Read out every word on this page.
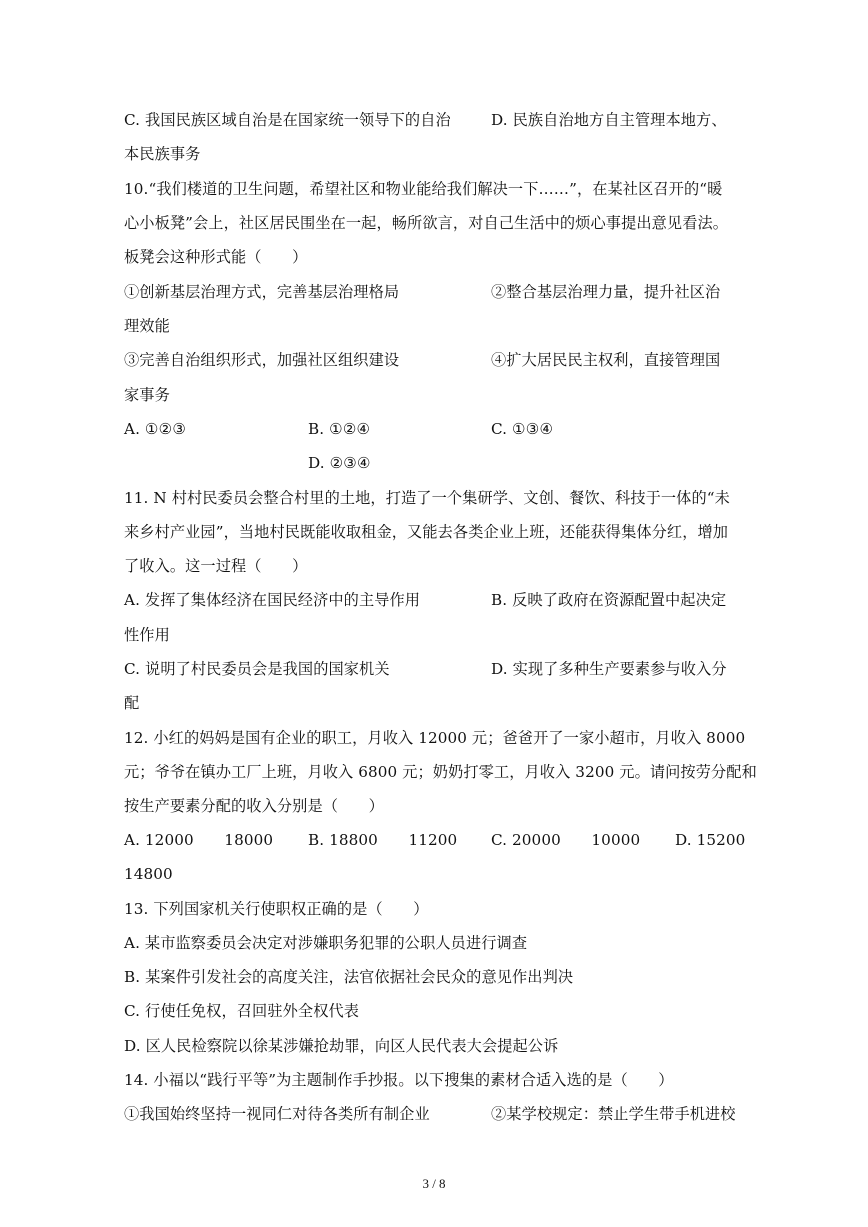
C. 我国民族区域自治是在国家统一领导下的自治	D. 民族自治地方自主管理本地方、
本民族事务
10.“我们楼道的卫生问题，希望社区和物业能给我们解决一下……”，在某社区召开的“暖
心小板凳”会上，社区居民围坐在一起，畅所欲言，对自己生活中的烦心事提出意见看法。
板凳会这种形式能（　　）
①创新基层治理方式，完善基层治理格局	②整合基层治理力量，提升社区治
理效能
③完善自治组织形式，加强社区组织建设	④扩大居民民主权利，直接管理国
家事务
A. ①②③	B. ①②④	C. ①③④
D. ②③④
11. N 村村民委员会整合村里的土地，打造了一个集研学、文创、餐饮、科技于一体的“未
来乡村产业园”，当地村民既能收取租金，又能去各类企业上班，还能获得集体分红，增加
了收入。这一过程（　　）
A. 发挥了集体经济在国民经济中的主导作用	B. 反映了政府在资源配置中起决定
性作用
C. 说明了村民委员会是我国的国家机关	D. 实现了多种生产要素参与收入分
配
12. 小红的妈妈是国有企业的职工，月收入 12000 元；爸爸开了一家小超市，月收入 8000
元；爷爷在镇办工厂上班，月收入 6800 元；奶奶打零工，月收入 3200 元。请问按劳分配和
按生产要素分配的收入分别是（　　）
A. 12000　　18000 B. 18800　　11200 C. 20000　　10000 D. 15200
14800
13. 下列国家机关行使职权正确的是（　　）
A. 某市监察委员会决定对涉嫌职务犯罪的公职人员进行调查
B. 某案件引发社会的高度关注，法官依据社会民众的意见作出判决
C. 行使任免权，召回驻外全权代表
D. 区人民检察院以徐某涉嫌抢劫罪，向区人民代表大会提起公诉
14. 小福以“践行平等”为主题制作手抄报。以下搜集的素材合适入选的是（　　）
①我国始终坚持一视同仁对待各类所有制企业	②某学校规定：禁止学生带手机进校
3 / 8
